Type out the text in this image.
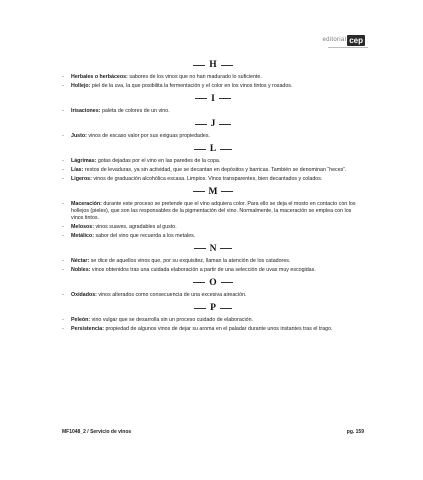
editorial cep
H
- Herbales o herbáceos: sabores de los vinos que no han madurado lo suficiente.
- Hollejo: piel de la uva, la que posibilita la fermentación y el color en los vinos tintos y rosados.
I
- Irisaciones: paleta de colores de un vino.
J
- Justo: vinos de escaso valor por sus exiguas propiedades.
L
- Lágrimas: gotas dejadas por el vino en las paredes de la copa.
- Lías: restos de levaduras, ya sin actividad, que se decantan en depósitos y barricas. También se denominan “heces”.
- Ligeros: vinos de graduación alcohólica escasa. Limpios. Vinos transparentes, bien decantados y colados.
M
- Maceración: durante este proceso se pretende que el vino adquiera color. Para ello se deja el mosto en contacto con los hollejos (pieles), que son las responsables de la pigmentación del vino. Normalmente, la maceración se emplea con los vinos tintos.
- Melosos: vinos suaves, agradables al gusto.
- Metálico: sabor del vino que recuerda a los metales.
N
- Néctar: se dice de aquellos vinos que, por su exquisitez, llaman la atención de los catadores.
- Nobles: vinos obtenidos tras una cuidada elaboración a partir de una selección de uvas muy escogidas.
O
- Oxidados: vinos alterados como consecuencia de una excesiva aireación.
P
- Peleón: vino vulgar que se desarrolla sin un proceso cuidado de elaboración.
- Persistencia: propiedad de algunos vinos de dejar su aroma en el paladar durante unos instantes tras el trago.
MF1048_2 / Servicio de vinos	pg. 159
